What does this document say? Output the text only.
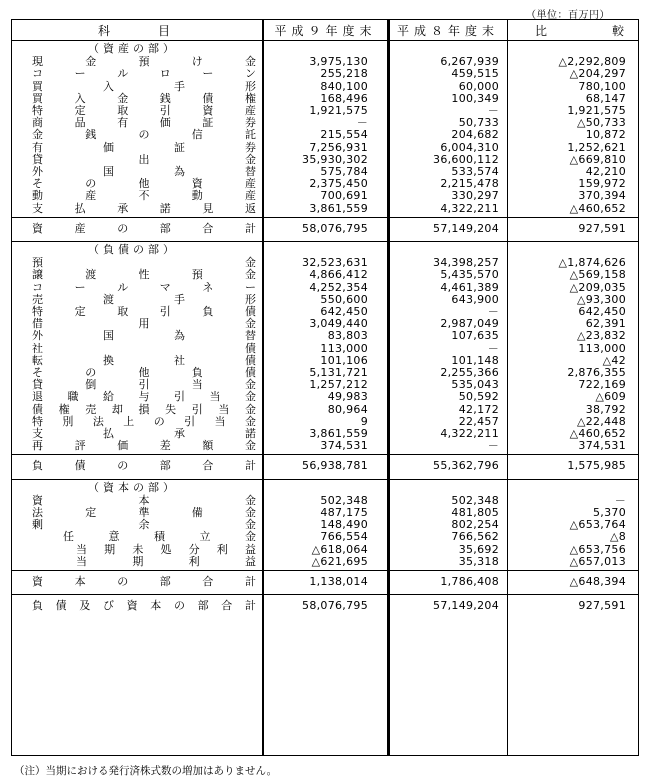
（単位：百万円）
科	目	平成９年度末	平成８年度末	比	較
（資産の部）
現	金	預	け	金	3,975,130	6,267,939	△2,292,809
コ	ー	ル	ロ	ー	ン	255,218	459,515	△204,297
買	入	手	形	840,100	60,000	780,100
買	入	金	銭	債	権	168,496	100,349	68,147
特	定	取	引	資	産	1,921,575	－	1,921,575
商	品	有	価	証	券	－	50,733	△50,733
金	銭	の	信	託	215,554	204,682	10,872
有	価	証	券	7,256,931	6,004,310	1,252,621
貸	出	金	35,930,302	36,600,112	△669,810
外	国	為	替	575,784	533,574	42,210
そ	の	他	資	産	2,375,450	2,215,478	159,972
動	産	不	動	産	700,691	330,297	370,394
支	払	承	諾	見	返	3,861,559	4,322,211	△460,652
資	産	の	部	合	計	58,076,795	57,149,204	927,591
（負債の部）
預	金	32,523,631	34,398,257	△1,874,626
譲	渡	性	預	金	4,866,412	5,435,570	△569,158
コ	ー	ル	マ	ネ	ー	4,252,354	4,461,389	△209,035
売	渡	手	形	550,600	643,900	△93,300
特	定	取	引	負	債	642,450	－	642,450
借	用	金	3,049,440	2,987,049	62,391
外	国	為	替	83,803	107,635	△23,832
社	債	113,000	－	113,000
転	換	社	債	101,106	101,148	△42
そ	の	他	負	債	5,131,721	2,255,366	2,876,355
貸	倒	引	当	金	1,257,212	535,043	722,169
退 職 給 与 引 当 金	49,983	50,592	△609
債 権 売 却 損 失 引 当 金	80,964	42,172	38,792
特 別 法 上 の 引 当 金	9	22,457	△22,448
支	払	承	諾	3,861,559	4,322,211	△460,652
再	評	価	差	額	金	374,531	－	374,531
負	債	の	部	合	計	56,938,781	55,362,796	1,575,985
（資本の部）
資	本	金	502,348	502,348	－
法	定	準	備	金	487,175	481,805	5,370
剰	余	金	148,490	802,254	△653,764
任	意	積	立	金	766,554	766,562	△8
当 期 未 処 分 利 益	△618,064	35,692	△653,756
当	期	利	益	△621,695	35,318	△657,013
資	本	の	部	合	計	1,138,014	1,786,408	△648,394
負 債 及 び 資 本 の 部 合 計	58,076,795	57,149,204	927,591
（注）当期における発行済株式数の増加はありません。
